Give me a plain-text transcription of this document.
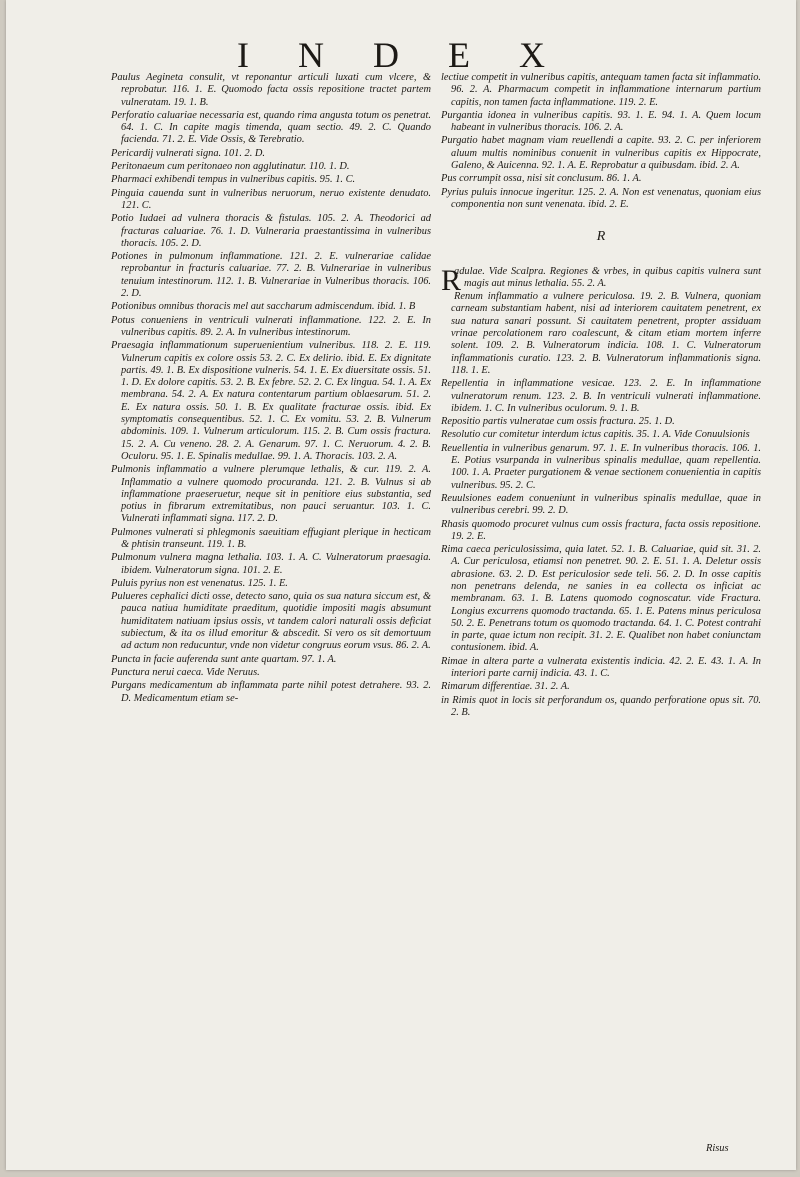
I N D E X

Paulus Aegineta consulit, vt reponantur articuli luxati cum vlcere, & reprobatur. 116. 1. E. Quomodo facta ossis repositione tractet partem vulneratam. 19. 1. B.

Perforatio caluariae necessaria est, quando rima angusta totum os penetrat. 64. 1. C. In capite magis timenda, quam sectio. 49. 2. C. Quando facienda. 71. 2. E. Vide Ossis, & Terebratio.

Pericardij vulnerati signa. 101. 2. D.

Peritonaeum cum peritonaeo non agglutinatur. 110. 1. D.

Pharmaci exhibendi tempus in vulneribus capitis. 95. 1. C.

Pinguia cauenda sunt in vulneribus neruorum, neruo existente denudato. 121. C.

Potio Iudaei ad vulnera thoracis & fistulas. 105. 2. A. Theodorici ad fracturas caluariae. 76. 1. D. Vulneraria praestantissima in vulneribus thoracis. 105. 2. D.

Potiones in pulmonum inflammatione. 121. 2. E. vulnerariae calidae reprobantur in fracturis caluariae. 77. 2. B. Vulnerariae in vulneribus tenuium intestinorum. 112. 1. B. Vulnerariae in Vulneribus thoracis. 106. 2. D.

Potionibus omnibus thoracis mel aut saccharum admiscendum. ibid. 1. B

Potus conueniens in ventriculi vulnerati inflammatione. 122. 2. E. In vulneribus capitis. 89. 2. A. In vulneribus intestinorum.

Praesagia inflammationum superuenientium vulneribus. 118. 2. E. 119. Vulnerum capitis ex colore ossis 53. 2. C. Ex delirio. ibid. E. Ex dignitate partis. 49. 1. B. Ex dispositione vulneris. 54. 1. E. Ex diuersitate ossis. 51. 1. D. Ex dolore capitis. 53. 2. B. Ex febre. 52. 2. C. Ex lingua. 54. 1. A. Ex membrana. 54. 2. A. Ex natura contentarum partium oblaesarum. 51. 2. E. Ex natura ossis. 50. 1. B. Ex qualitate fracturae ossis. ibid. Ex symptomatis consequentibus. 52. 1. C. Ex vomitu. 53. 2. B. Vulnerum abdominis. 109. 1. Vulnerum articulorum. 115. 2. B. Cum ossis fractura. 15. 2. A. Cu veneno. 28. 2. A. Genarum. 97. 1. C. Neruorum. 4. 2. B. Oculoru. 95. 1. E. Spinalis medullae. 99. 1. A. Thoracis. 103. 2. A.

Pulmonis inflammatio a vulnere plerumque lethalis, & cur. 119. 2. A. Inflammatio a vulnere quomodo procuranda. 121. 2. B. Vulnus si ab inflammatione praeseruetur, neque sit in penitiore eius substantia, sed potius in fibrarum extremitatibus, non pauci seruantur. 103. 1. C. Vulnerati inflammati signa. 117. 2. D.

Pulmones vulnerati si phlegmonis saeuitiam effugiant plerique in hecticam & phtisin transeunt. 119. 1. B.

Pulmonum vulnera magna lethalia. 103. 1. A. C. Vulneratorum praesagia. ibidem. Vulneratorum signa. 101. 2. E.

Puluis pyrius non est venenatus. 125. 1. E.

Pulueres cephalici dicti osse, detecto sano, quia os sua natura siccum est, & pauca natiua humiditate praeditum, quotidie impositi magis absumunt humiditatem natiuam ipsius ossis, vt tandem calori naturali ossis deficiat subiectum, & ita os illud emoritur & abscedit. Si vero os sit demortuum ad actum non reducuntur, vnde non videtur congruus eorum vsus. 86. 2. A.

Puncta in facie auferenda sunt ante quartam. 97. 1. A.

Punctura nerui caeca. Vide Neruus.

Purgans medicamentum ab inflammata parte nihil potest detrahere. 93. 2. D. Medicamentum etiam se-

lectiue competit in vulneribus capitis, antequam tamen facta sit inflammatio. 96. 2. A. Pharmacum competit in inflammatione internarum partium capitis, non tamen facta inflammatione. 119. 2. E.

Purgantia idonea in vulneribus capitis. 93. 1. E. 94. 1. A. Quem locum habeant in vulneribus thoracis. 106. 2. A.

Purgatio habet magnam viam reuellendi a capite. 93. 2. C. per inferiorem aluum multis nominibus conuenit in vulneribus capitis ex Hippocrate, Galeno, & Auicenna. 92. 1. A. E. Reprobatur a quibusdam. ibid. 2. A.

Pus corrumpit ossa, nisi sit conclusum. 86. 1. A.

Pyrius puluis innocue ingeritur. 125. 2. A. Non est venenatus, quoniam eius componentia non sunt venenata. ibid. 2. E.

R

Radulae. Vide Scalpra. Regiones & vrbes, in quibus capitis vulnera sunt magis aut minus lethalia. 55. 2. A.

Renum inflammatio a vulnere periculosa. 19. 2. B. Vulnera, quoniam carneam substantiam habent, nisi ad interiorem cauitatem penetrent, ex sua natura sanari possunt. Si cauitatem penetrent, propter assiduam vrinae percolationem raro coalescunt, & citam etiam mortem inferre solent. 109. 2. B. Vulneratorum indicia. 108. 1. C. Vulneratorum inflammationis curatio. 123. 2. B. Vulneratorum inflammationis signa. 118. 1. E.

Repellentia in inflammatione vesicae. 123. 2. E. In inflammatione vulneratorum renum. 123. 2. B. In ventriculi vulnerati inflammatione. ibidem. 1. C. In vulneribus oculorum. 9. 1. B.

Repositio partis vulneratae cum ossis fractura. 25. 1. D.

Resolutio cur comitetur interdum ictus capitis. 35. 1. A. Vide Conuulsionis

Reuellentia in vulneribus genarum. 97. 1. E. In vulneribus thoracis. 106. 1. E. Potius vsurpanda in vulneribus spinalis medullae, quam repellentia. 100. 1. A. Praeter purgationem & venae sectionem conuenientia in capitis vulneribus. 95. 2. C.

Reuulsiones eadem conueniunt in vulneribus spinalis medullae, quae in vulneribus cerebri. 99. 2. D.

Rhasis quomodo procuret vulnus cum ossis fractura, facta ossis repositione. 19. 2. E.

Rima caeca periculosissima, quia latet. 52. 1. B. Caluariae, quid sit. 31. 2. A. Cur periculosa, etiamsi non penetret. 90. 2. E. 51. 1. A. Deletur ossis abrasione. 63. 2. D. Est periculosior sede teli. 56. 2. D. In osse capitis non penetrans delenda, ne sanies in ea collecta os inficiat ac membranam. 63. 1. B. Latens quomodo cognoscatur. vide Fractura. Longius excurrens quomodo tractanda. 65. 1. E. Patens minus periculosa 50. 2. E. Penetrans totum os quomodo tractanda. 64. 1. C. Potest contrahi in parte, quae ictum non recipit. 31. 2. E. Qualibet non habet coniunctam contusionem. ibid. A.

Rimae in altera parte a vulnerata existentis indicia. 42. 2. E. 43. 1. A. In interiori parte carnij indicia. 43. 1. C.

Rimarum differentiae. 31. 2. A.

in Rimis quot in locis sit perforandum os, quando perforatione opus sit. 70. 2. B.

Risus
